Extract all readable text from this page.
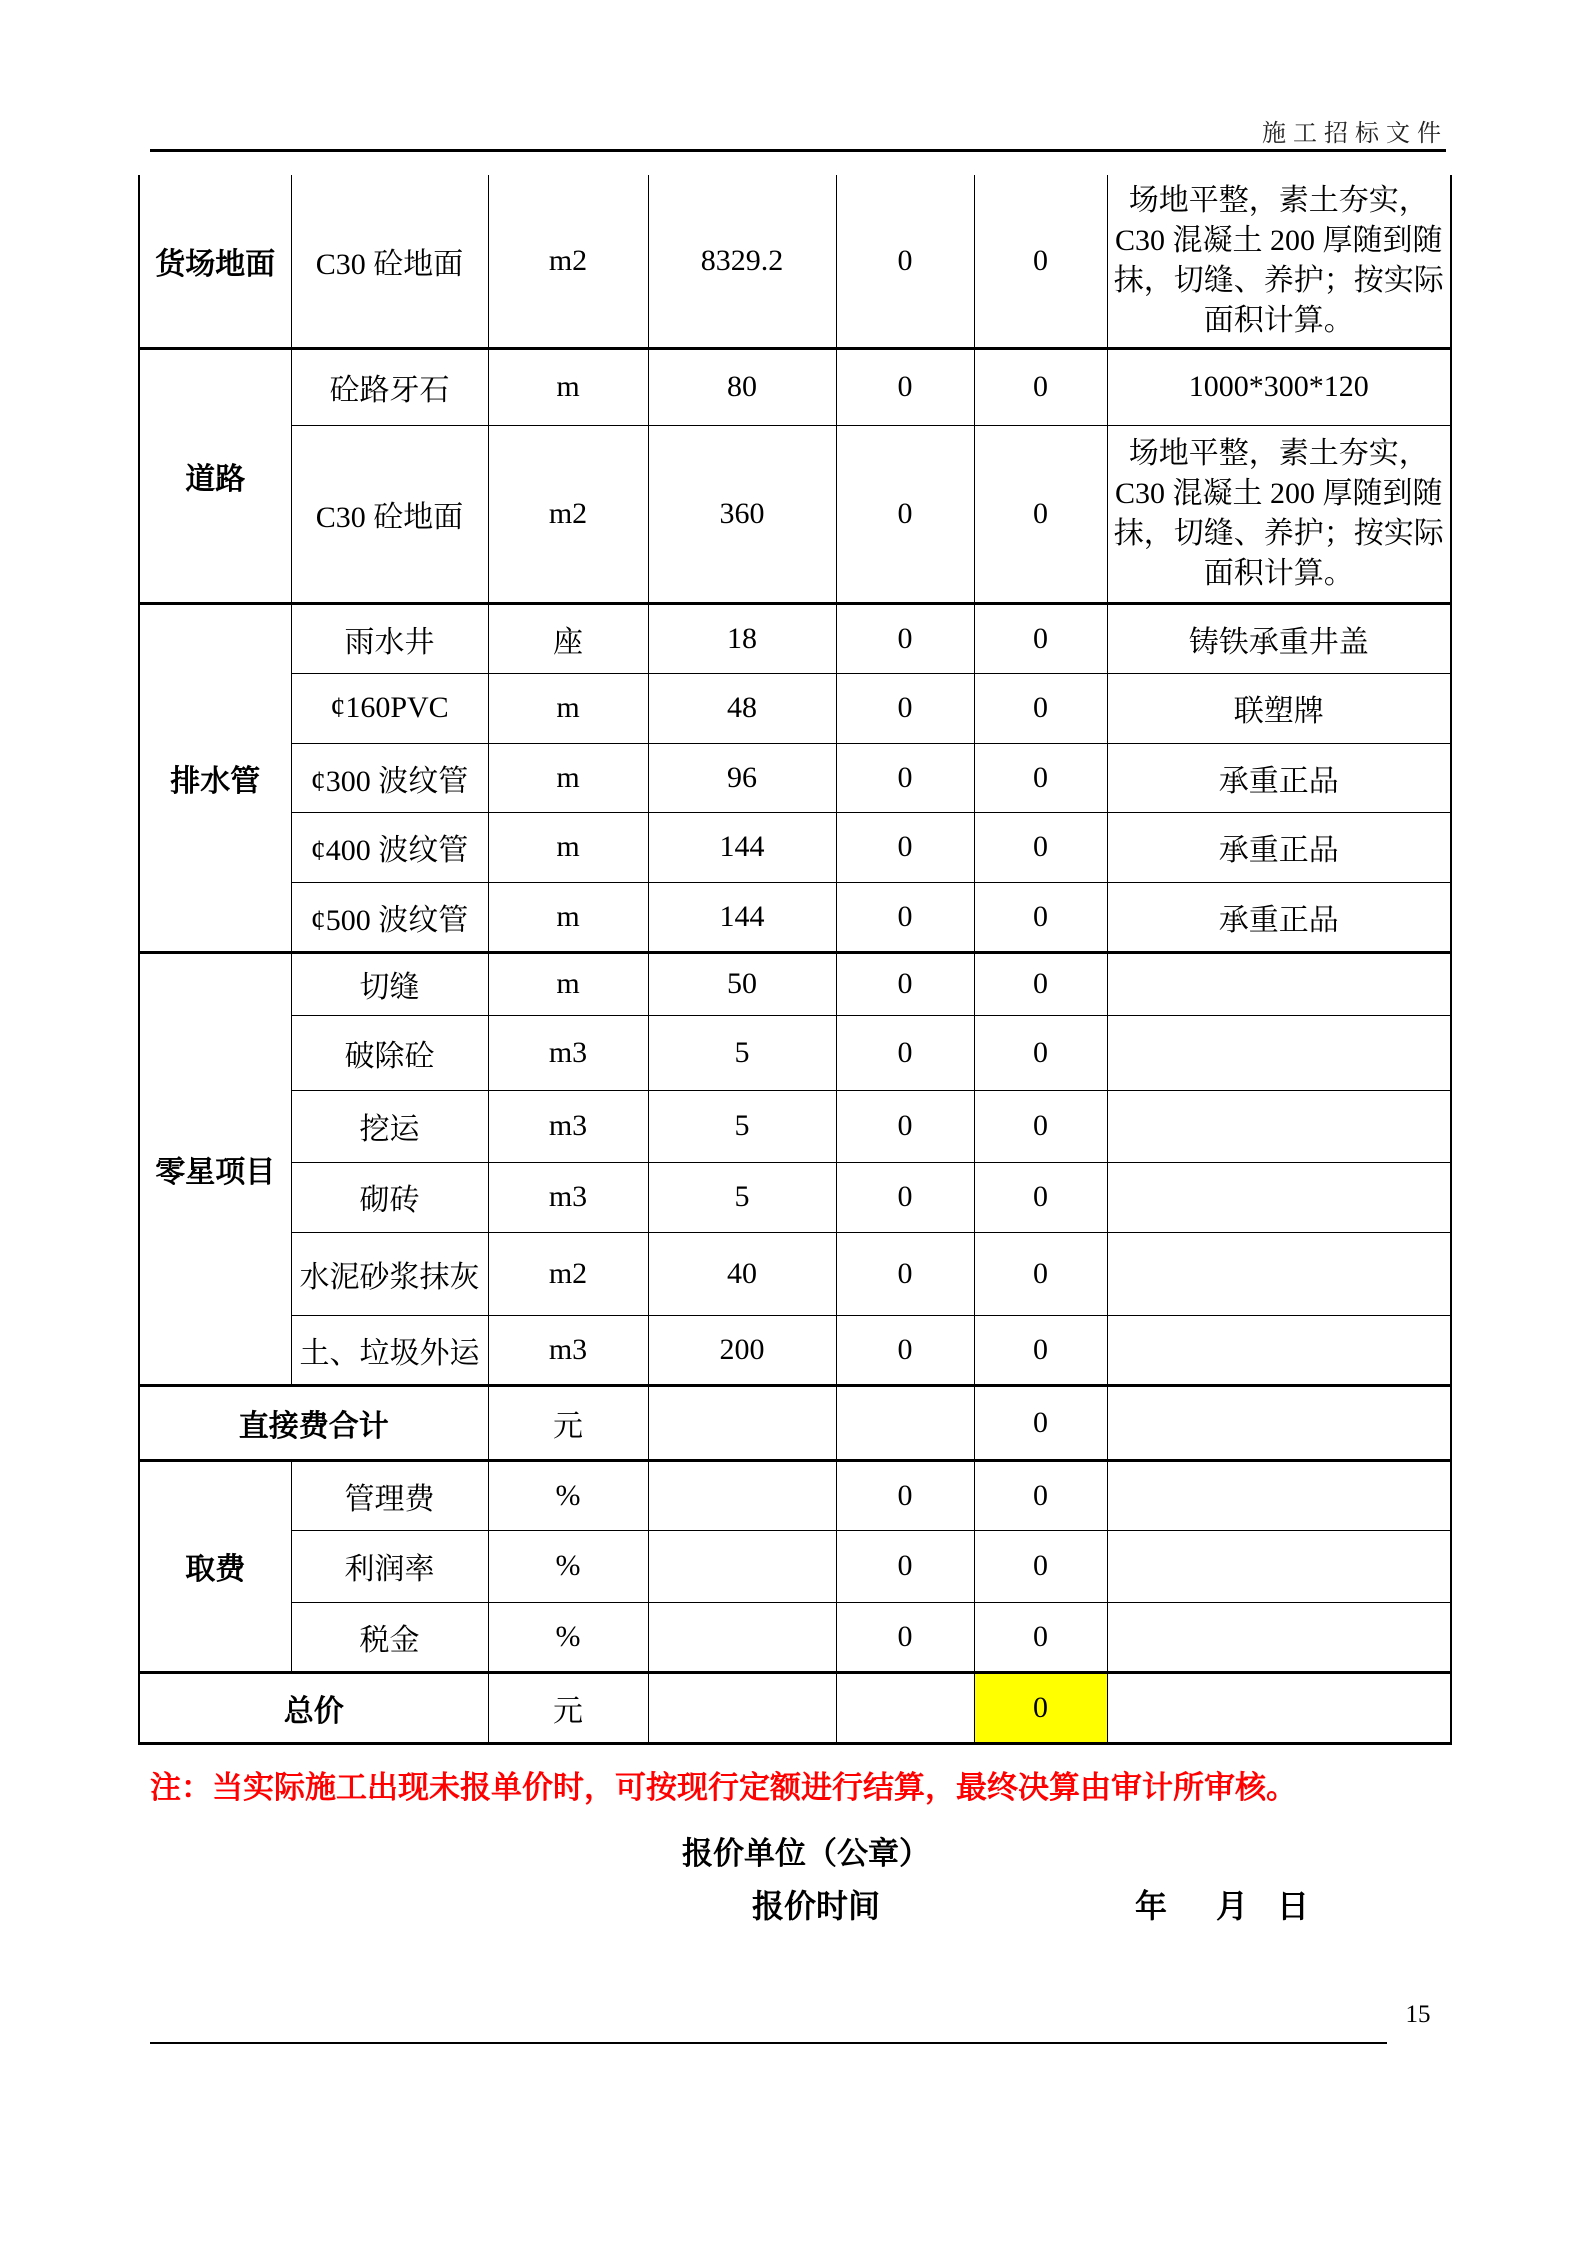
施工招标文件
货场地面	C30 砼地面	m2	8329.2	0	0	场地平整，素土夯实，C30 混凝土 200 厚随到随抹，切缝、养护；按实际面积计算。
道路	砼路牙石	m	80	0	0	1000*300*120
	C30 砼地面	m2	360	0	0	场地平整，素土夯实，C30 混凝土 200 厚随到随抹，切缝、养护；按实际面积计算。
排水管	雨水井	座	18	0	0	铸铁承重井盖
	¢160PVC	m	48	0	0	联塑牌
	¢300 波纹管	m	96	0	0	承重正品
	¢400 波纹管	m	144	0	0	承重正品
	¢500 波纹管	m	144	0	0	承重正品
零星项目	切缝	m	50	0	0	
	破除砼	m3	5	0	0	
	挖运	m3	5	0	0	
	砌砖	m3	5	0	0	
	水泥砂浆抹灰	m2	40	0	0	
	土、垃圾外运	m3	200	0	0	
直接费合计		元			0	
取费	管理费	%		0	0	
	利润率	%		0	0	
	税金	%		0	0	
总价		元			0	
注：当实际施工出现未报单价时，可按现行定额进行结算，最终决算由审计所审核。
报价单位（公章）
报价时间	年 月 日
15
